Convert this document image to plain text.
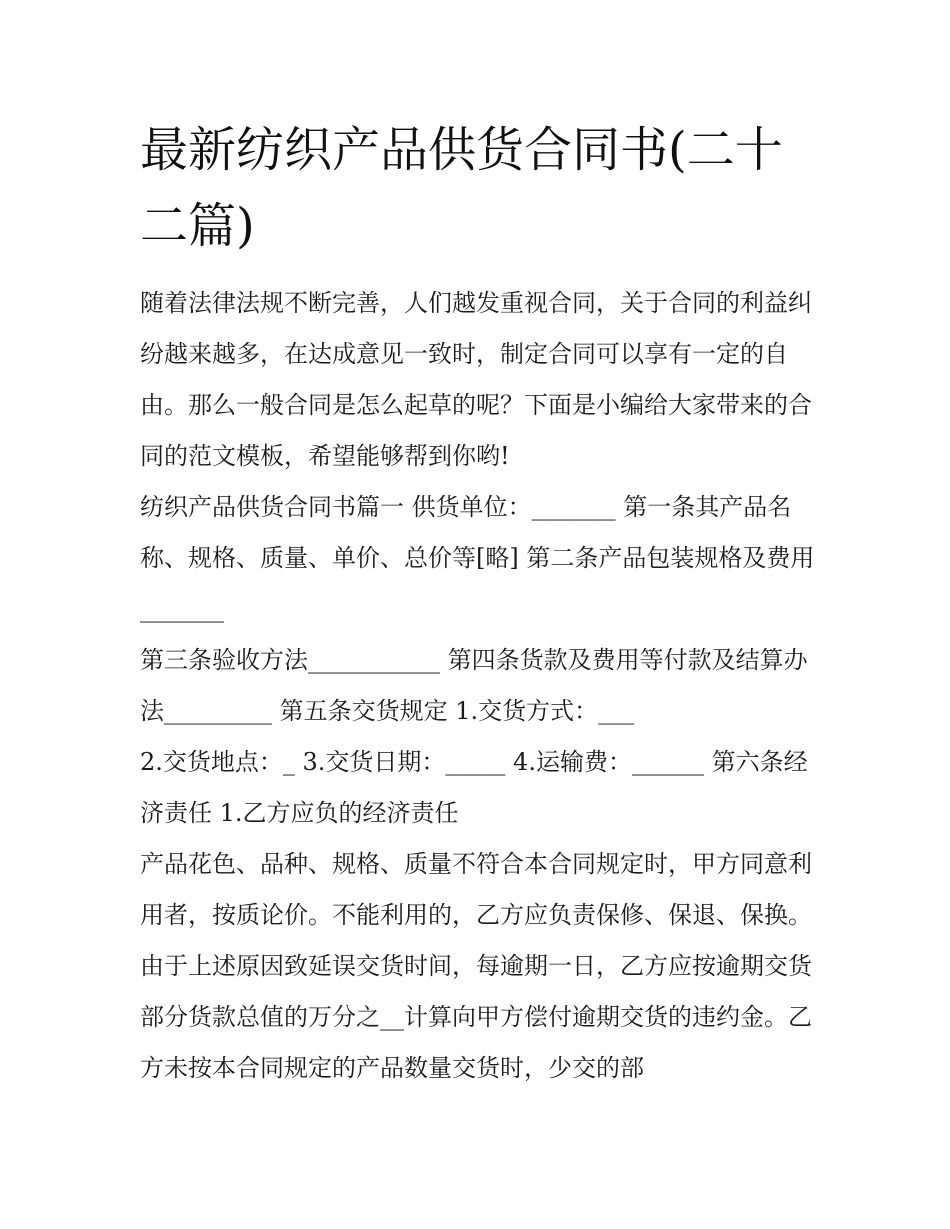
最新纺织产品供货合同书(二十二篇)

随着法律法规不断完善，人们越发重视合同，关于合同的利益纠纷越来越多，在达成意见一致时，制定合同可以享有一定的自由。那么一般合同是怎么起草的呢？下面是小编给大家带来的合同的范文模板，希望能够帮到你哟!

纺织产品供货合同书篇一 供货单位：_______ 第一条其产品名称、规格、质量、单价、总价等[略] 第二条产品包装规格及费用_______

第三条验收方法___________ 第四条货款及费用等付款及结算办法_________ 第五条交货规定 1.交货方式：___

2.交货地点：_ 3.交货日期：_____ 4.运输费：______ 第六条经济责任 1.乙方应负的经济责任

产品花色、品种、规格、质量不符合本合同规定时，甲方同意利用者，按质论价。不能利用的，乙方应负责保修、保退、保换。由于上述原因致延误交货时间，每逾期一日，乙方应按逾期交货部分货款总值的万分之__计算向甲方偿付逾期交货的违约金。乙方未按本合同规定的产品数量交货时，少交的部
